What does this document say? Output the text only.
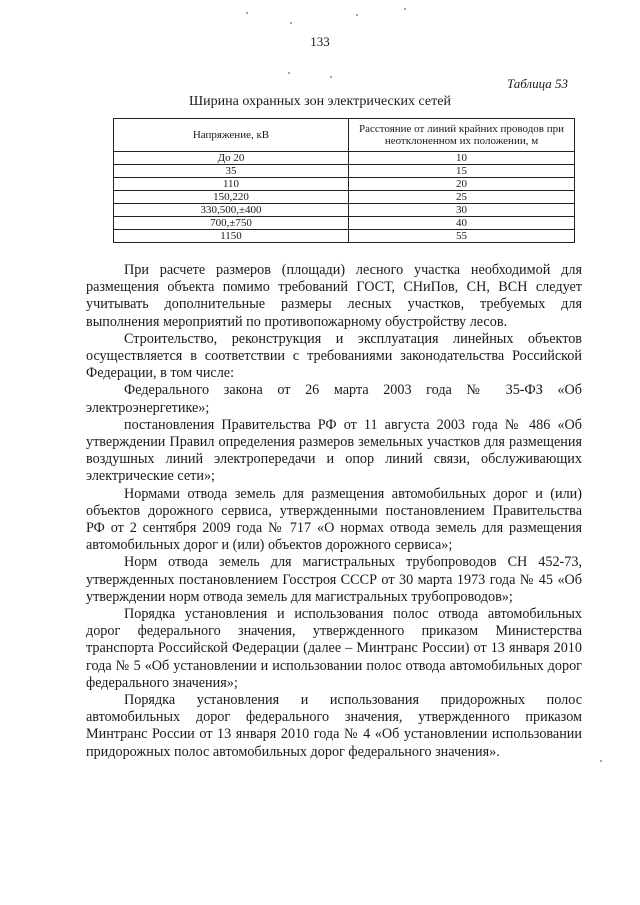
133
Таблица 53
Ширина охранных зон электрических сетей
Напряжение, кВ	Расстояние от линий крайних проводов при неотклоненном их положении, м
До 20	10
35	15
110	20
150,220	25
330,500,±400	30
700,±750	40
1150	55

При расчете размеров (площади) лесного участка необходимой для размещения объекта помимо требований ГОСТ, СНиПов, СН, ВСН следует учитывать дополнительные размеры лесных участков, требуемых для выполнения мероприятий по противопожарному обустройству лесов.

Строительство, реконструкция и эксплуатация линейных объектов осуществляется в соответствии с требованиями законодательства Российской Федерации, в том числе:

Федерального закона от 26 марта 2003 года № 35-ФЗ «Об электроэнергетике»;

постановления Правительства РФ от 11 августа 2003 года № 486 «Об утверждении Правил определения размеров земельных участков для размещения воздушных линий электропередачи и опор линий связи, обслуживающих электрические сети»;

Нормами отвода земель для размещения автомобильных дорог и (или) объектов дорожного сервиса, утвержденными постановлением Правительства РФ от 2 сентября 2009 года № 717 «О нормах отвода земель для размещения автомобильных дорог и (или) объектов дорожного сервиса»;

Норм отвода земель для магистральных трубопроводов СН 452-73, утвержденных постановлением Госстроя СССР от 30 марта 1973 года № 45 «Об утверждении норм отвода земель для магистральных трубопроводов»;

Порядка установления и использования полос отвода автомобильных дорог федерального значения, утвержденного приказом Министерства транспорта Российской Федерации (далее – Минтранс России) от 13 января 2010 года № 5 «Об установлении и использовании полос отвода автомобильных дорог федерального значения»;

Порядка установления и использования придорожных полос автомобильных дорог федерального значения, утвержденного приказом Минтранс России от 13 января 2010 года № 4 «Об установлении использовании придорожных полос автомобильных дорог федерального значения».
